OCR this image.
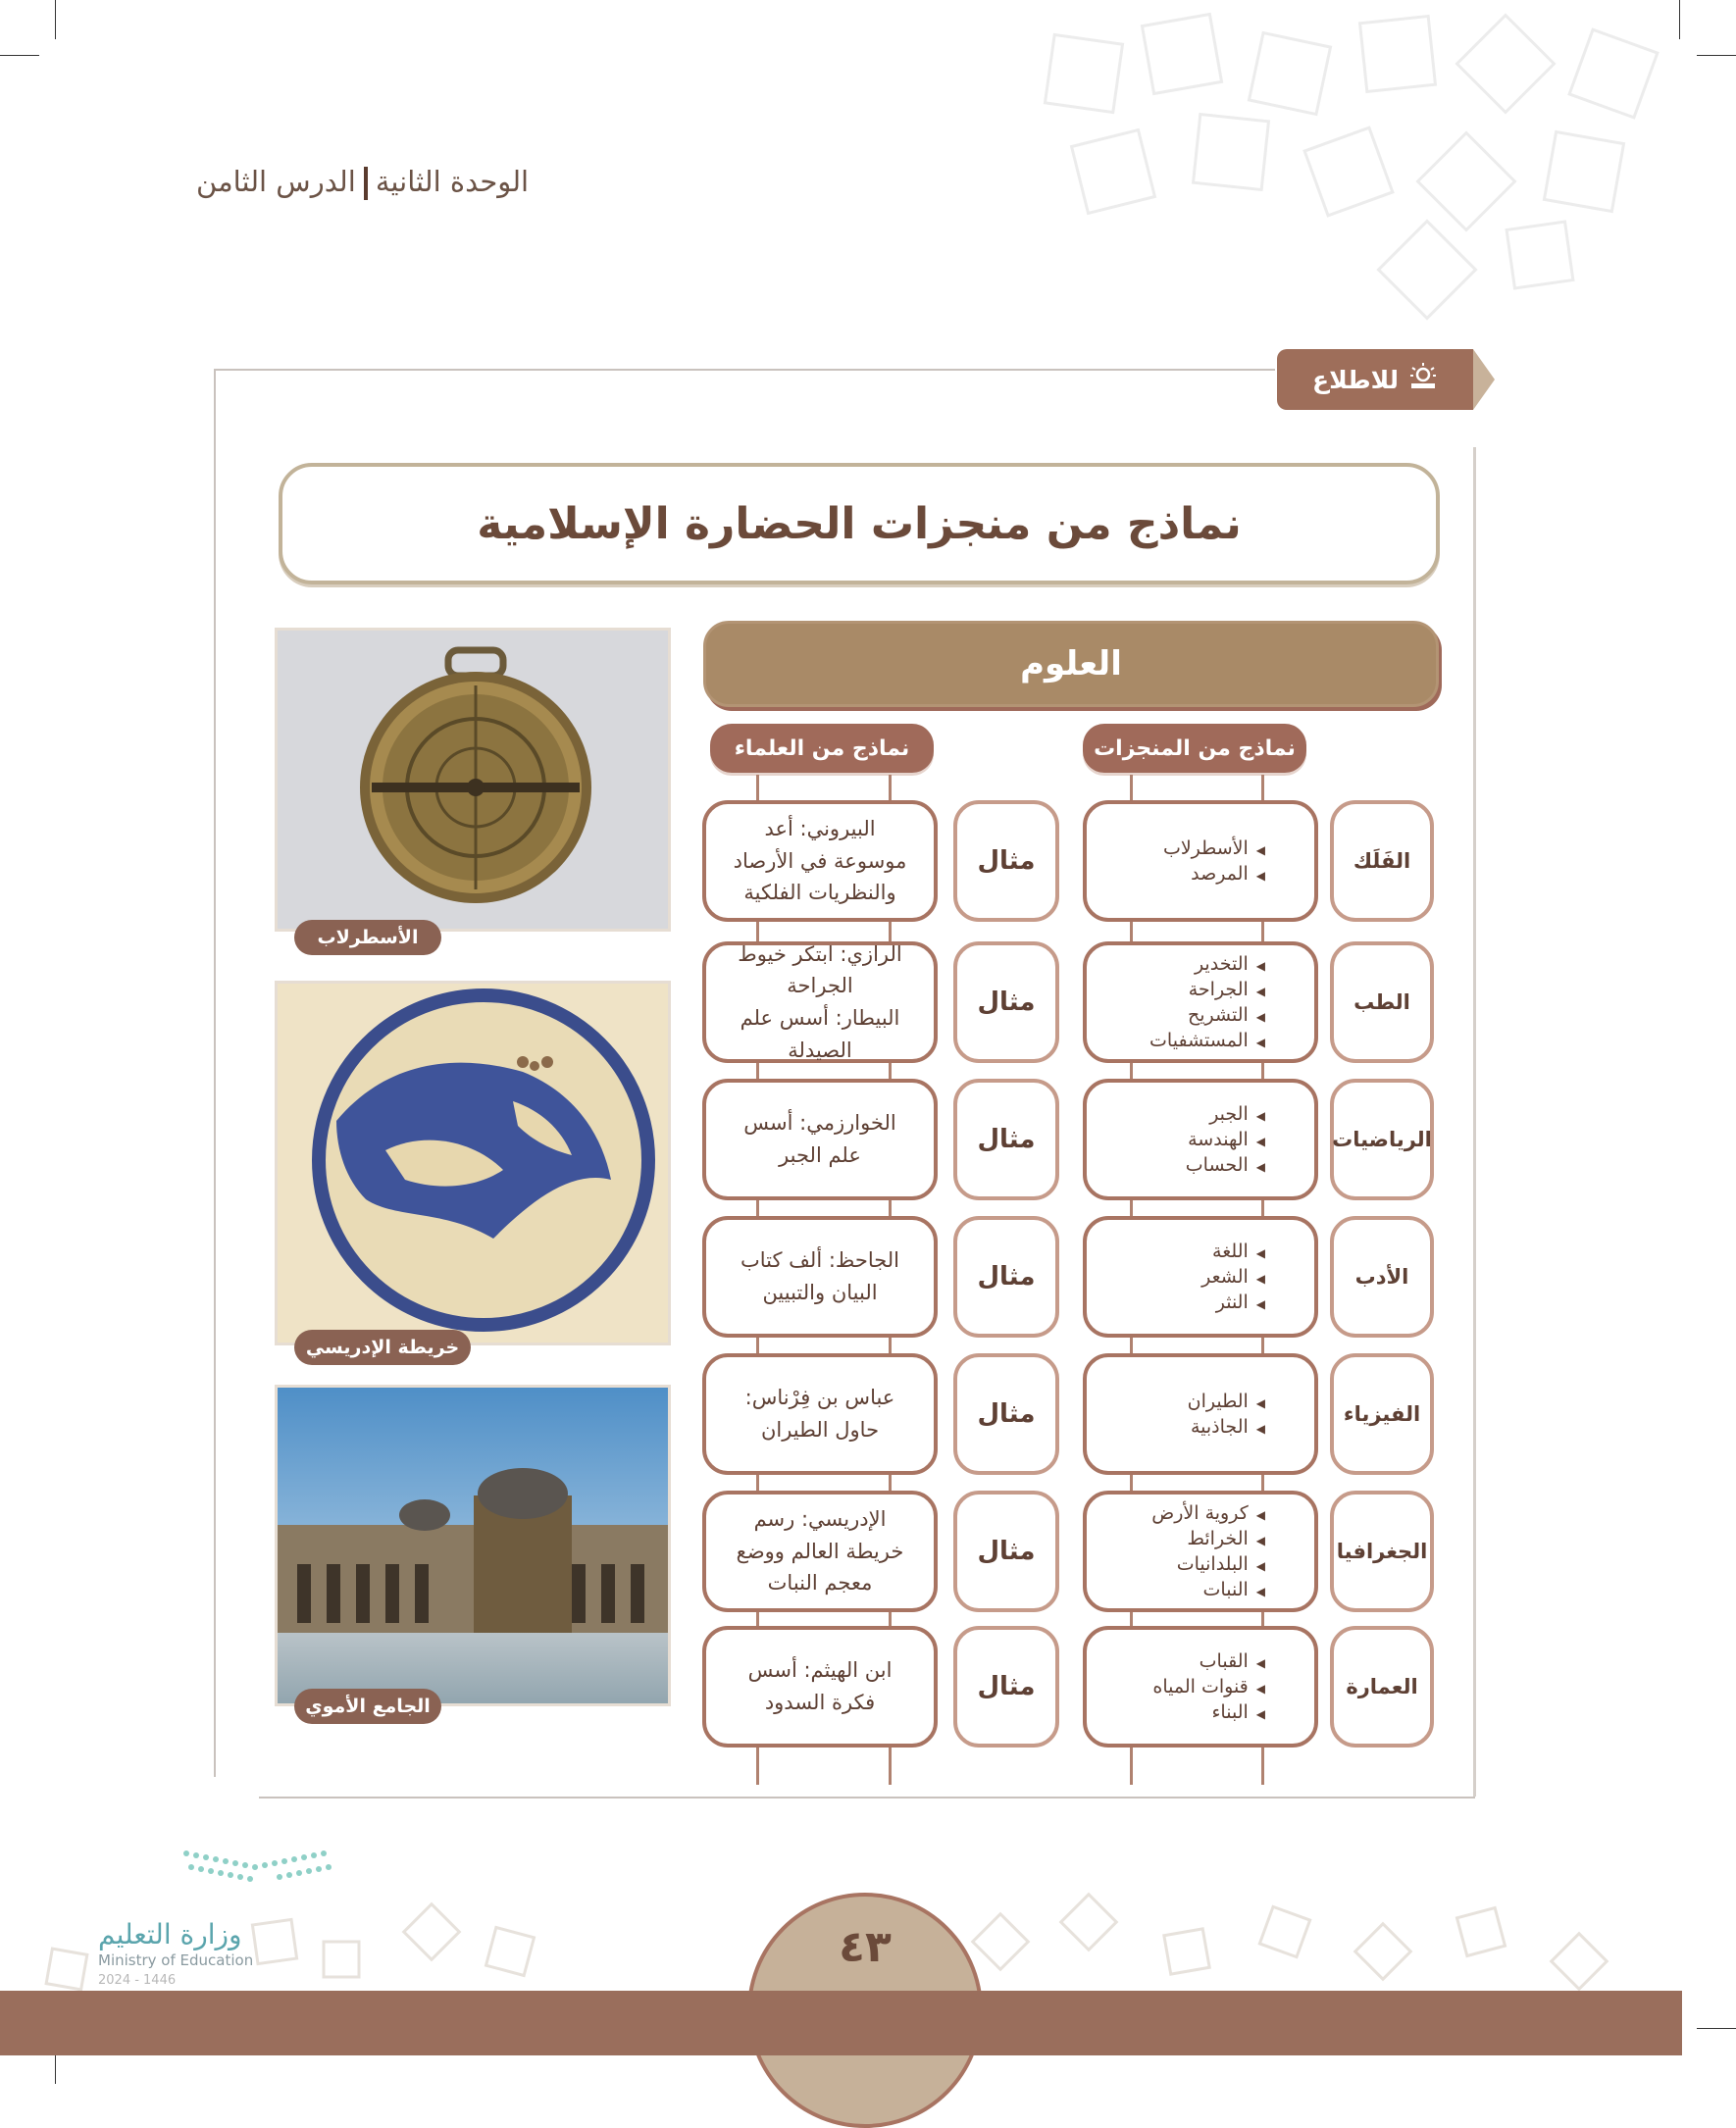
الوحدة الثانيةالدرس الثامن
للاطلاع
نماذج من منجزات الحضارة الإسلامية
العلوم
نماذج من المنجزات
نماذج من العلماء
الفَلَك
◀ الأسطرلاب
◀ المرصد
مثال
البيروني: أعد
موسوعة في الأرصاد
والنظريات الفلكية
الطب
◀ التخدير
◀ الجراحة
◀ التشريح
◀ المستشفيات
مثال
الرازي: ابتكر خيوط
الجراحة
البيطار: أسس علم
الصيدلة
الرياضيات
◀ الجبر
◀ الهندسة
◀ الحساب
مثال
الخوارزمي: أسس
علم الجبر
الأدب
◀ اللغة
◀ الشعر
◀ النثر
مثال
الجاحظ: ألف كتاب
البيان والتبيين
الفيزياء
◀ الطيران
◀ الجاذبية
مثال
عباس بن فِرْناس:
حاول الطيران
الجغرافيا
◀ كروية الأرض
◀ الخرائط
◀ البلدانيات
◀ النبات
مثال
الإدريسي: رسم
خريطة العالم ووضع
معجم النبات
العمارة
◀ القباب
◀ قنوات المياه
◀ البناء
مثال
ابن الهيثم: أسس
فكرة السدود
الأسطرلاب
خريطة الإدريسي
الجامع الأموي
وزارة التعليم
Ministry of Education
2024 - 1446
٤٣
